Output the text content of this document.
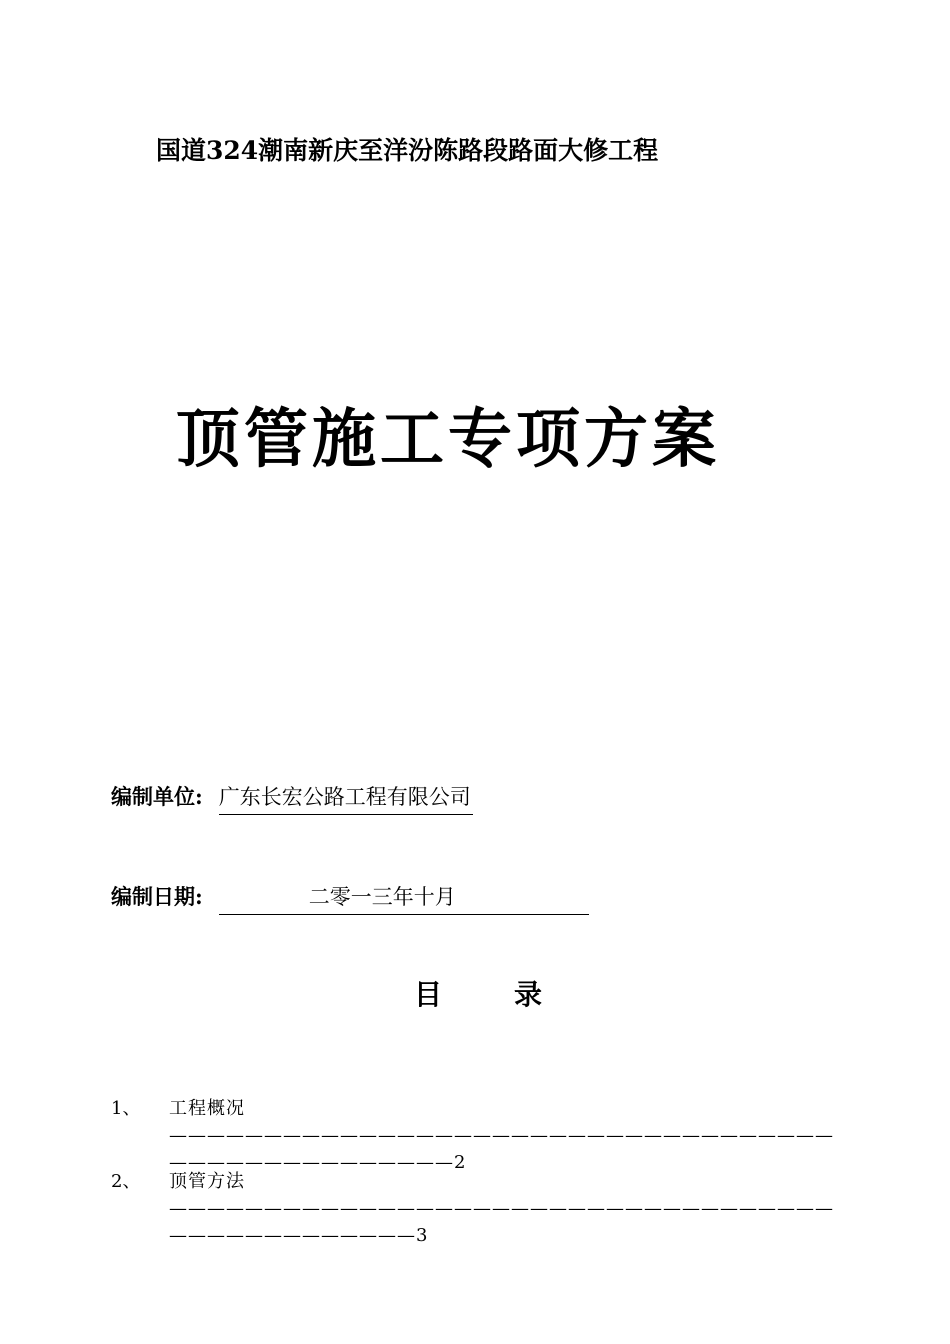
国道324潮南新庆至洋汾陈路段路面大修工程
顶管施工专项方案
编制单位: 广东长宏公路工程有限公司
编制日期:	二零一三年十月
目	录
1、 工程概况——————————————————————————————————————————————————2
2、 顶管方法————————————————————————————————————————————————3
